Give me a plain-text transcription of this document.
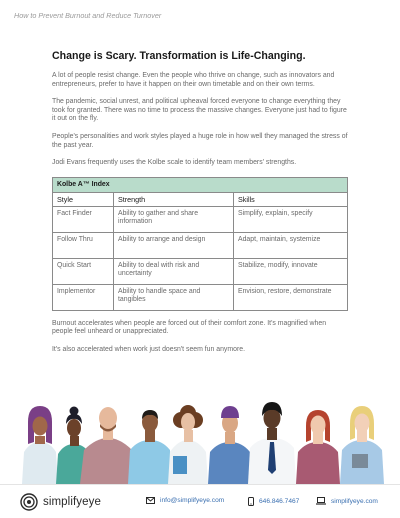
How to Prevent Burnout and Reduce Turnover
Change is Scary. Transformation is Life-Changing.

A lot of people resist change. Even the people who thrive on change, such as innovators and entrepreneurs, prefer to have it happen on their own timetable and on their own terms.

The pandemic, social unrest, and political upheaval forced everyone to change everything they took for granted. There was no time to process the massive changes. Everyone just had to figure it out on the fly.

People's personalities and work styles played a huge role in how well they managed the stress of the past year.

Jodi Evans frequently uses the Kolbe scale to identify team members' strengths.

Kolbe A™ Index		
Style	Strength	Skills
Fact Finder	Ability to gather and share information	Simplify, explain, specify
Follow Thru	Ability to arrange and design	Adapt, maintain, systemize
Quick Start	Ability to deal with risk and uncertainty	Stabilize, modify, innovate
Implementor	Ability to handle space and tangibles	Envision, restore, demonstrate

Burnout accelerates when people are forced out of their comfort zone. It's magnified when people feel unheard or unappreciated.

It's also accelerated when work just doesn't seem fun anymore.

simplifyeye	info@simplifyeye.com	646.846.7467	simplifyeye.com
